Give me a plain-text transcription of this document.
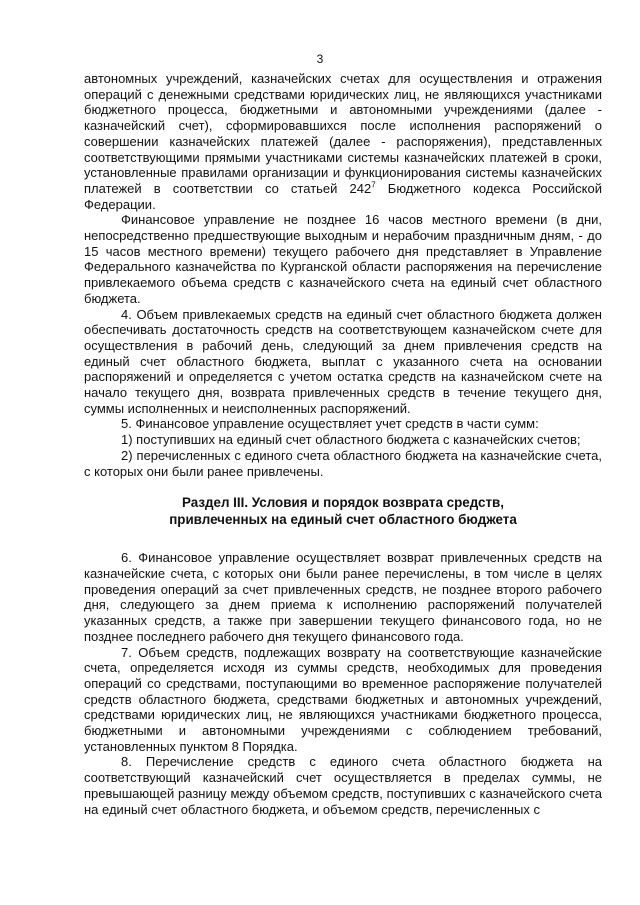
3

автономных учреждений, казначейских счетах для осуществления и отражения операций с денежными средствами юридических лиц, не являющихся участниками бюджетного процесса, бюджетными и автономными учреждениями (далее - казначейский счет), сформировавшихся после исполнения распоряжений о совершении казначейских платежей (далее - распоряжения), представленных соответствующими прямыми участниками системы казначейских платежей в сроки, установленные правилами организации и функционирования системы казначейских платежей в соответствии со статьей $242^7$ Бюджетного кодекса Российской Федерации.

Финансовое управление не позднее 16 часов местного времени (в дни, непосредственно предшествующие выходным и нерабочим праздничным дням, - до 15 часов местного времени) текущего рабочего дня представляет в Управление Федерального казначейства по Курганской области распоряжения на перечисление привлекаемого объема средств с казначейского счета на единый счет областного бюджета.

4. Объем привлекаемых средств на единый счет областного бюджета должен обеспечивать достаточность средств на соответствующем казначейском счете для осуществления в рабочий день, следующий за днем привлечения средств на единый счет областного бюджета, выплат с указанного счета на основании распоряжений и определяется с учетом остатка средств на казначейском счете на начало текущего дня, возврата привлеченных средств в течение текущего дня, суммы исполненных и неисполненных распоряжений.

5. Финансовое управление осуществляет учет средств в части сумм:

1) поступивших на единый счет областного бюджета с казначейских счетов;

2) перечисленных с единого счета областного бюджета на казначейские счета, с которых они были ранее привлечены.

Раздел III. Условия и порядок возврата средств,
привлеченных на единый счет областного бюджета

6. Финансовое управление осуществляет возврат привлеченных средств на казначейские счета, с которых они были ранее перечислены, в том числе в целях проведения операций за счет привлеченных средств, не позднее второго рабочего дня, следующего за днем приема к исполнению распоряжений получателей указанных средств, а также при завершении текущего финансового года, но не позднее последнего рабочего дня текущего финансового года.

7. Объем средств, подлежащих возврату на соответствующие казначейские счета, определяется исходя из суммы средств, необходимых для проведения операций со средствами, поступающими во временное распоряжение получателей средств областного бюджета, средствами бюджетных и автономных учреждений, средствами юридических лиц, не являющихся участниками бюджетного процесса, бюджетными и автономными учреждениями с соблюдением требований, установленных пунктом 8 Порядка.

8. Перечисление средств с единого счета областного бюджета на соответствующий казначейский счет осуществляется в пределах суммы, не превышающей разницу между объемом средств, поступивших с казначейского счета на единый счет областного бюджета, и объемом средств, перечисленных с
